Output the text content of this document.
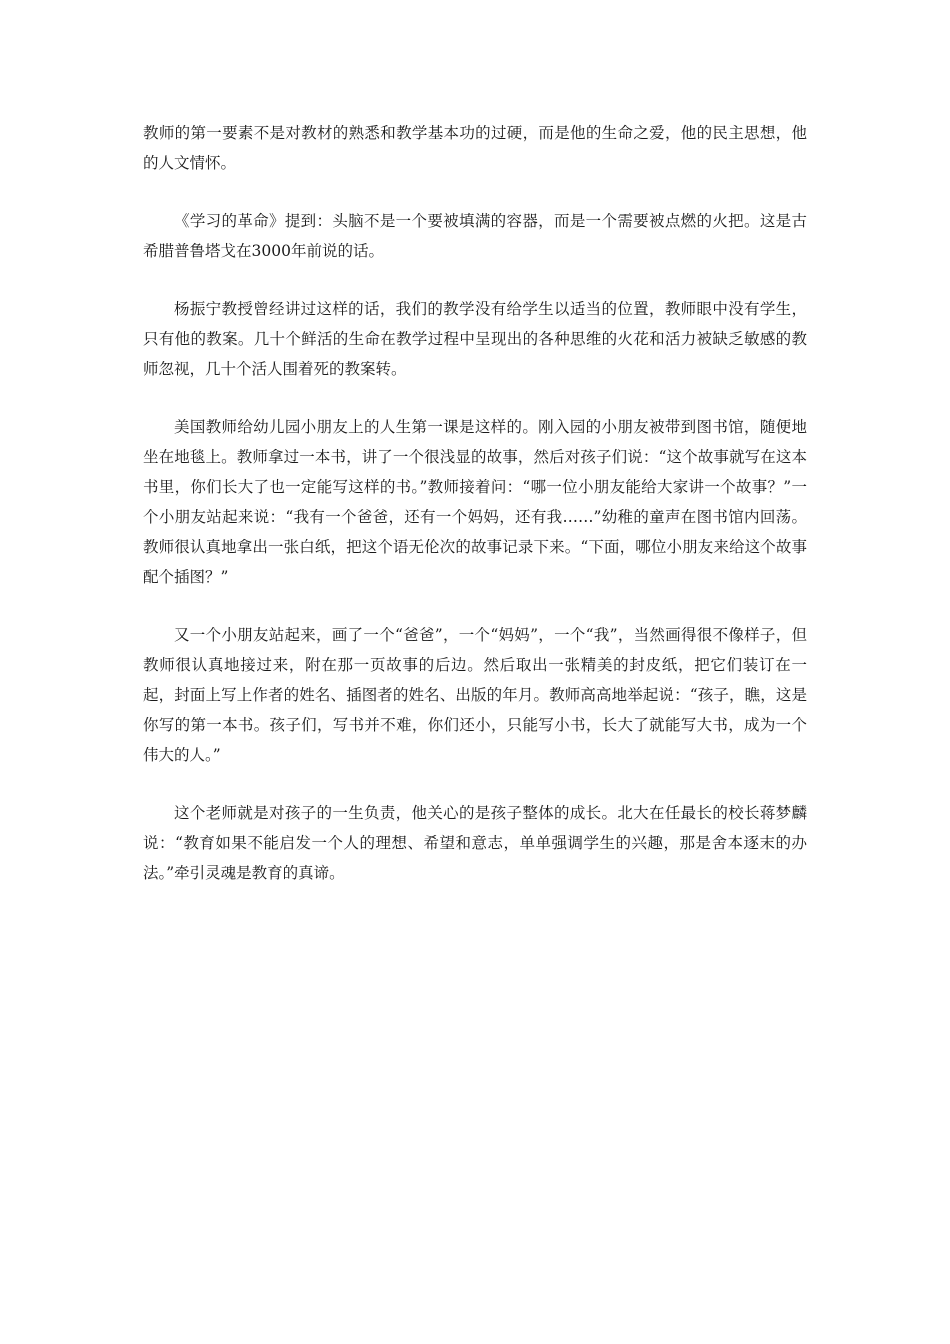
教师的第一要素不是对教材的熟悉和教学基本功的过硬，而是他的生命之爱，他的民主思想，他的人文情怀。

《学习的革命》提到：头脑不是一个要被填满的容器，而是一个需要被点燃的火把。这是古希腊普鲁塔戈在3000年前说的话。

杨振宁教授曾经讲过这样的话，我们的教学没有给学生以适当的位置，教师眼中没有学生，只有他的教案。几十个鲜活的生命在教学过程中呈现出的各种思维的火花和活力被缺乏敏感的教师忽视，几十个活人围着死的教案转。

美国教师给幼儿园小朋友上的人生第一课是这样的。刚入园的小朋友被带到图书馆，随便地坐在地毯上。教师拿过一本书，讲了一个很浅显的故事，然后对孩子们说：“这个故事就写在这本书里，你们长大了也一定能写这样的书。”教师接着问：“哪一位小朋友能给大家讲一个故事？”一个小朋友站起来说：“我有一个爸爸，还有一个妈妈，还有我……”幼稚的童声在图书馆内回荡。教师很认真地拿出一张白纸，把这个语无伦次的故事记录下来。“下面，哪位小朋友来给这个故事配个插图？”

又一个小朋友站起来，画了一个“爸爸”，一个“妈妈”，一个“我”，当然画得很不像样子，但教师很认真地接过来，附在那一页故事的后边。然后取出一张精美的封皮纸，把它们装订在一起，封面上写上作者的姓名、插图者的姓名、出版的年月。教师高高地举起说：“孩子，瞧，这是你写的第一本书。孩子们，写书并不难，你们还小，只能写小书，长大了就能写大书，成为一个伟大的人。”

这个老师就是对孩子的一生负责，他关心的是孩子整体的成长。北大在任最长的校长蒋梦麟说：“教育如果不能启发一个人的理想、希望和意志，单单强调学生的兴趣，那是舍本逐末的办法。”牵引灵魂是教育的真谛。
